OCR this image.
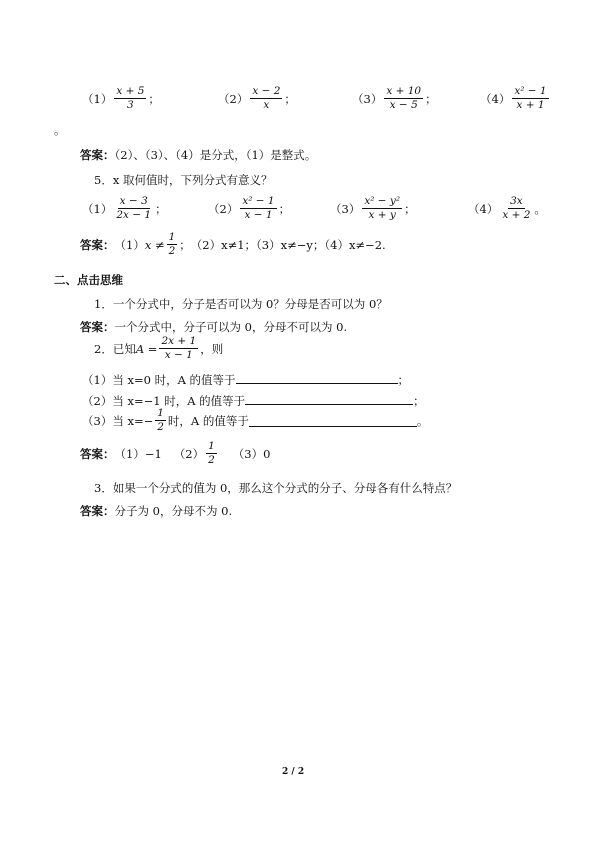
$(1) \frac{x + 5}{3}$ ；	$(2) \frac{x - 2}{x}$ ；	$(3) \frac{x + 10}{x - 5}$ ；	$(4) \frac{\text{x² − 1}}{x + 1}$
。
答案：（2）、（3）、（4）是分式，（1）是整式。
5．x 取何值时，下列分式有意义？
$(1) \frac{x - 3}{2x - 1}$ ；	$(2) \frac{\text{x² − 1}}{x - 1}$ ；	$(3) \frac{\text{x² − y²}}{x + y}$ ；	$(4) \frac{3x}{x + 2}$ 。
答案： （1） $x \ne \frac{1}{2}$ ； （2）x≠1；（3）x≠−y；（4）x≠−2.
二、点击思维
1．一个分式中，分子是否可以为 0？分母是否可以为 0？
答案：一个分式中，分子可以为 0，分母不可以为 0.
2．已知 $A = \frac{2x + 1}{x - 1}$ ，则
（1）当 x=0 时，A 的值等于	；
（2）当 x=−1 时，A 的值等于	；
（3）当 $x=- \frac{1}{2}$ 时，A 的值等于	。
答案： （1）−1 $(2) \frac{1}{2} (3)0$
3．如果一个分式的值为 0，那么这个分式的分子、分母各有什么特点？
答案：分子为 0，分母不为 0.
2 / 2
